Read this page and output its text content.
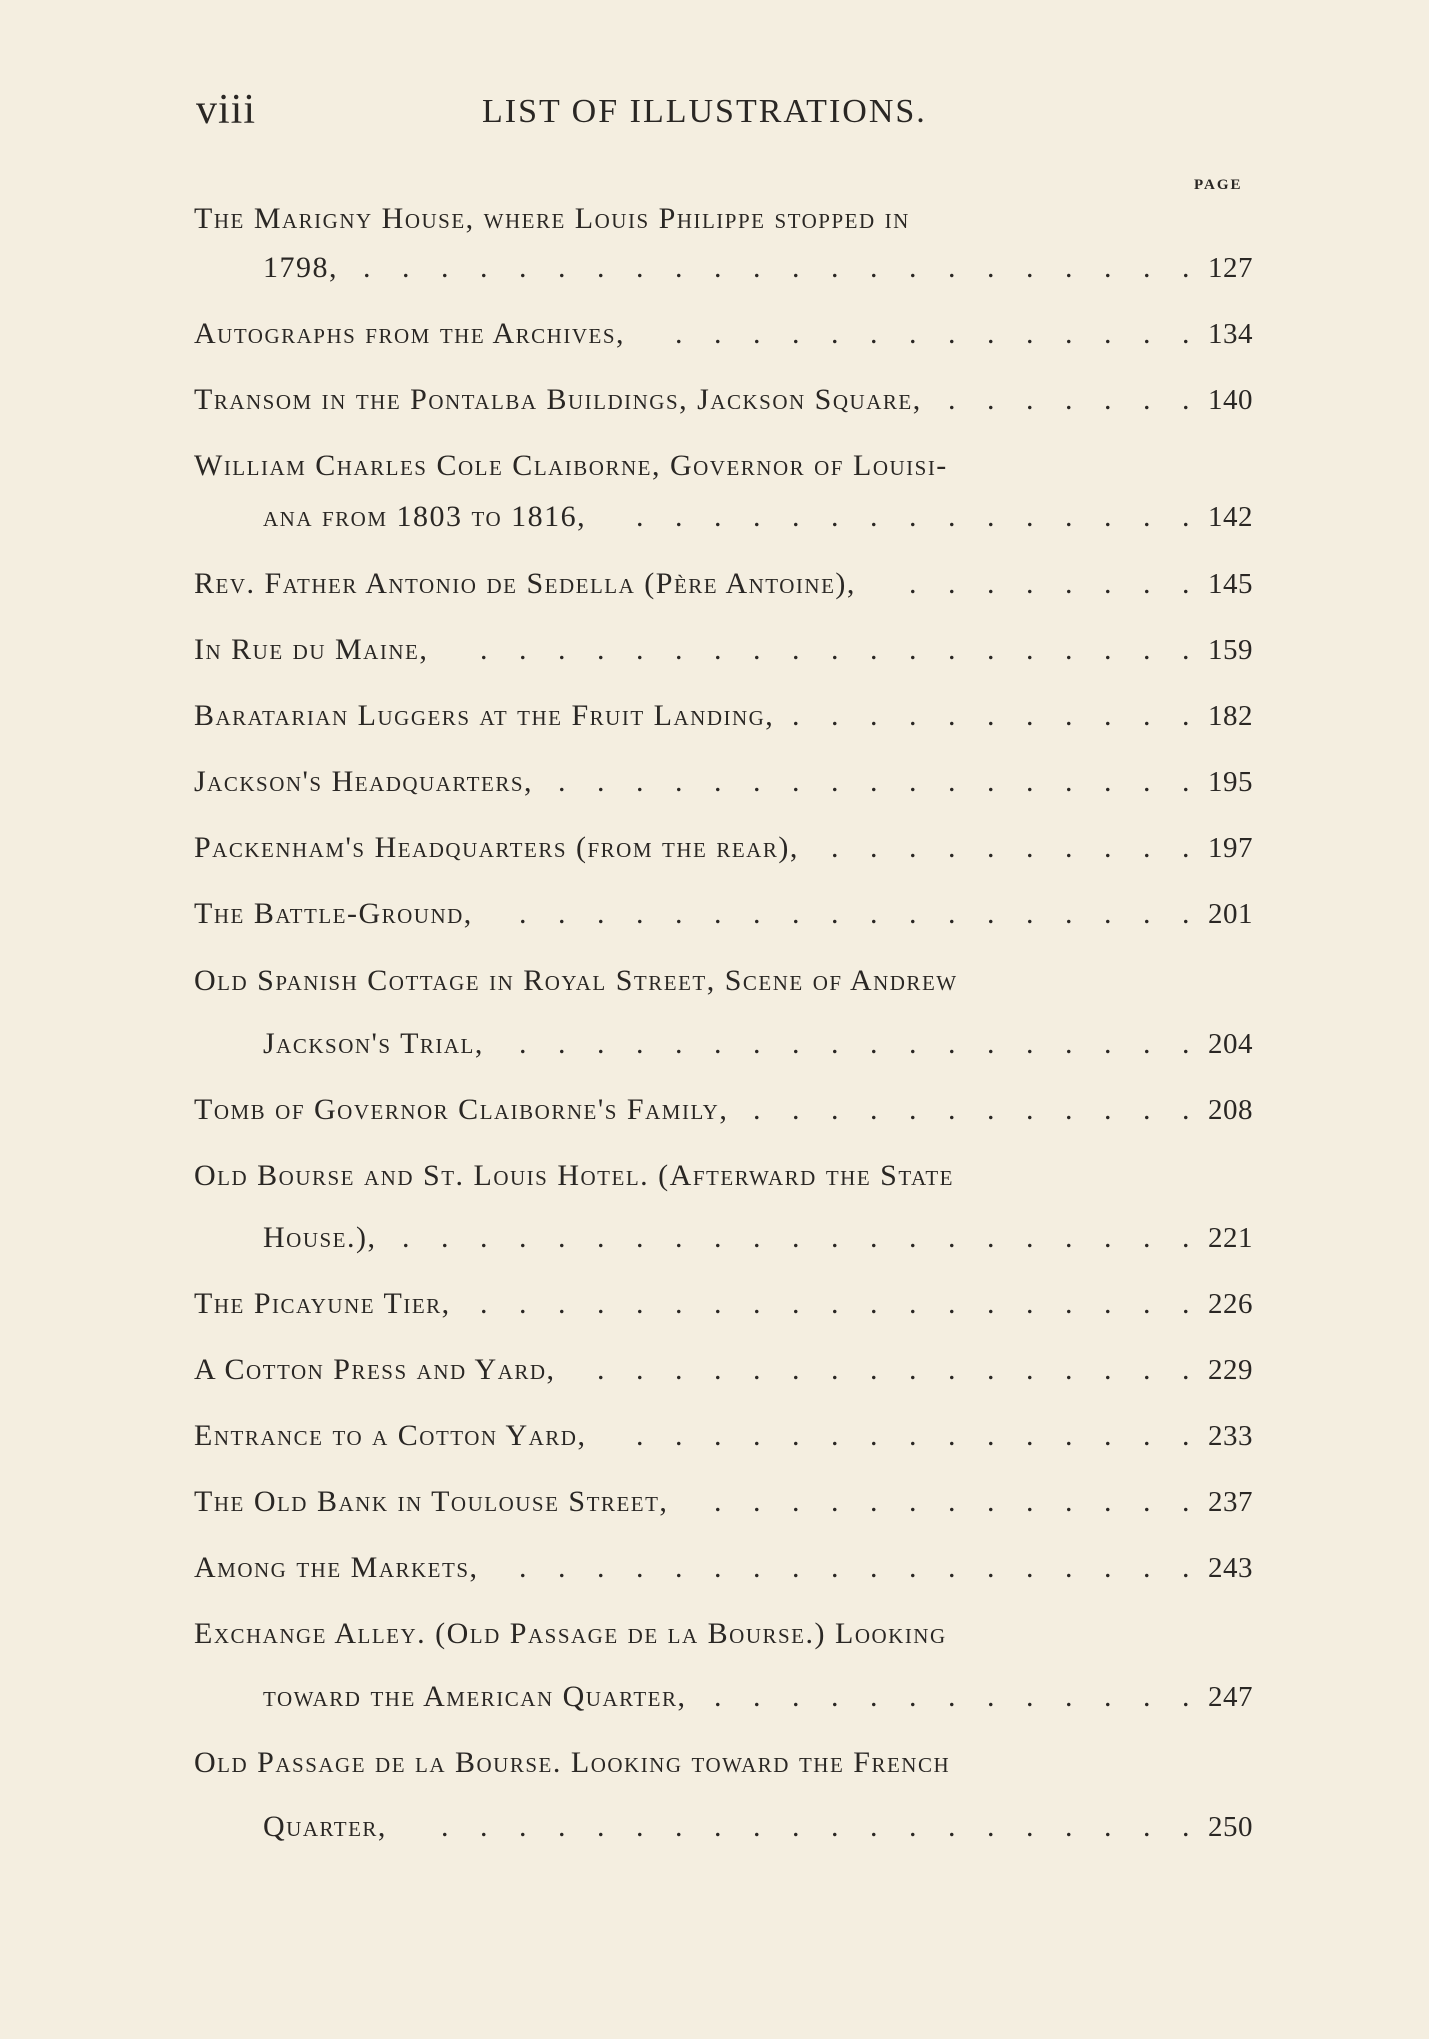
viii	LIST OF ILLUSTRATIONS.
PAGE
The Marigny House, where Louis Philippe stopped in
1798,	127
.
.
.
.
.
.
.
.
.
.
.
.
.
.
.
.
.
.
.
.
.
.
Autographs from the Archives,	134
.
.
.
.
.
.
.
.
.
.
.
.
.
.
Transom in the Pontalba Buildings, Jackson Square,	140
.
.
.
.
.
.
.
William Charles Cole Claiborne, Governor of Louisi-
ana from 1803 to 1816,	142
.
.
.
.
.
.
.
.
.
.
.
.
.
.
.
Rev. Father Antonio de Sedella (Père Antoine),	145
.
.
.
.
.
.
.
.
In Rue du Maine,	159
.
.
.
.
.
.
.
.
.
.
.
.
.
.
.
.
.
.
.
Baratarian Luggers at the Fruit Landing,	182
.
.
.
.
.
.
.
.
.
.
.
Jackson's Headquarters,	195
.
.
.
.
.
.
.
.
.
.
.
.
.
.
.
.
.
Packenham's Headquarters (from the rear),	197
.
.
.
.
.
.
.
.
.
.
The Battle-Ground,	201
.
.
.
.
.
.
.
.
.
.
.
.
.
.
.
.
.
.
Old Spanish Cottage in Royal Street, Scene of Andrew
Jackson's Trial,	204
.
.
.
.
.
.
.
.
.
.
.
.
.
.
.
.
.
.
Tomb of Governor Claiborne's Family,	208
.
.
.
.
.
.
.
.
.
.
.
.
Old Bourse and St. Louis Hotel. (Afterward the State
House.),	221
.
.
.
.
.
.
.
.
.
.
.
.
.
.
.
.
.
.
.
.
.
The Picayune Tier,	226
.
.
.
.
.
.
.
.
.
.
.
.
.
.
.
.
.
.
.
A Cotton Press and Yard,	229
.
.
.
.
.
.
.
.
.
.
.
.
.
.
.
.
Entrance to a Cotton Yard,	233
.
.
.
.
.
.
.
.
.
.
.
.
.
.
.
The Old Bank in Toulouse Street,	237
.
.
.
.
.
.
.
.
.
.
.
.
.
Among the Markets,	243
.
.
.
.
.
.
.
.
.
.
.
.
.
.
.
.
.
.
Exchange Alley. (Old Passage de la Bourse.) Looking
toward the American Quarter,	247
.
.
.
.
.
.
.
.
.
.
.
.
.
Old Passage de la Bourse. Looking toward the French
Quarter,	250
.
.
.
.
.
.
.
.
.
.
.
.
.
.
.
.
.
.
.
.
